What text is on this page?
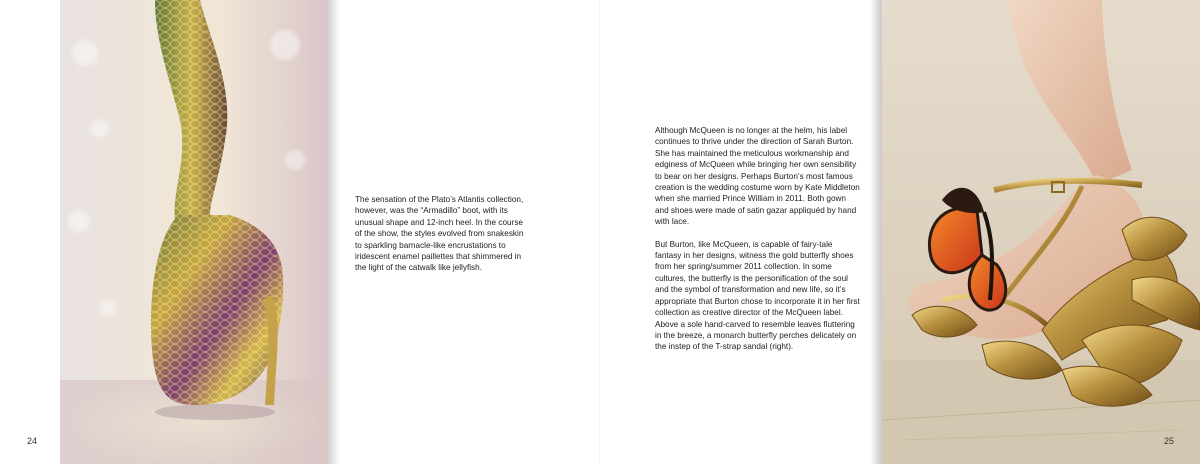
The sensation of the Plato’s Atlantis collection, however, was the “Armadillo” boot, with its unusual shape and 12-inch heel. In the course of the show, the styles evolved from snakeskin to sparkling barnacle-like encrustations to iridescent enamel paillettes that shimmered in the light of the catwalk like jellyfish.

24

Although McQueen is no longer at the helm, his label continues to thrive under the direction of Sarah Burton. She has maintained the meticulous workmanship and edginess of McQueen while bringing her own sensibility to bear on her designs. Perhaps Burton’s most famous creation is the wedding costume worn by Kate Middleton when she married Prince William in 2011. Both gown and shoes were made of satin gazar appliquéd by hand with lace.

But Burton, like McQueen, is capable of fairy-tale fantasy in her designs, witness the gold butterfly shoes from her spring/summer 2011 collection. In some cultures, the butterfly is the personification of the soul and the symbol of transformation and new life, so it’s appropriate that Burton chose to incorporate it in her first collection as creative director of the McQueen label. Above a sole hand-carved to resemble leaves fluttering in the breeze, a monarch butterfly perches delicately on the instep of the T-strap sandal (right).

25
